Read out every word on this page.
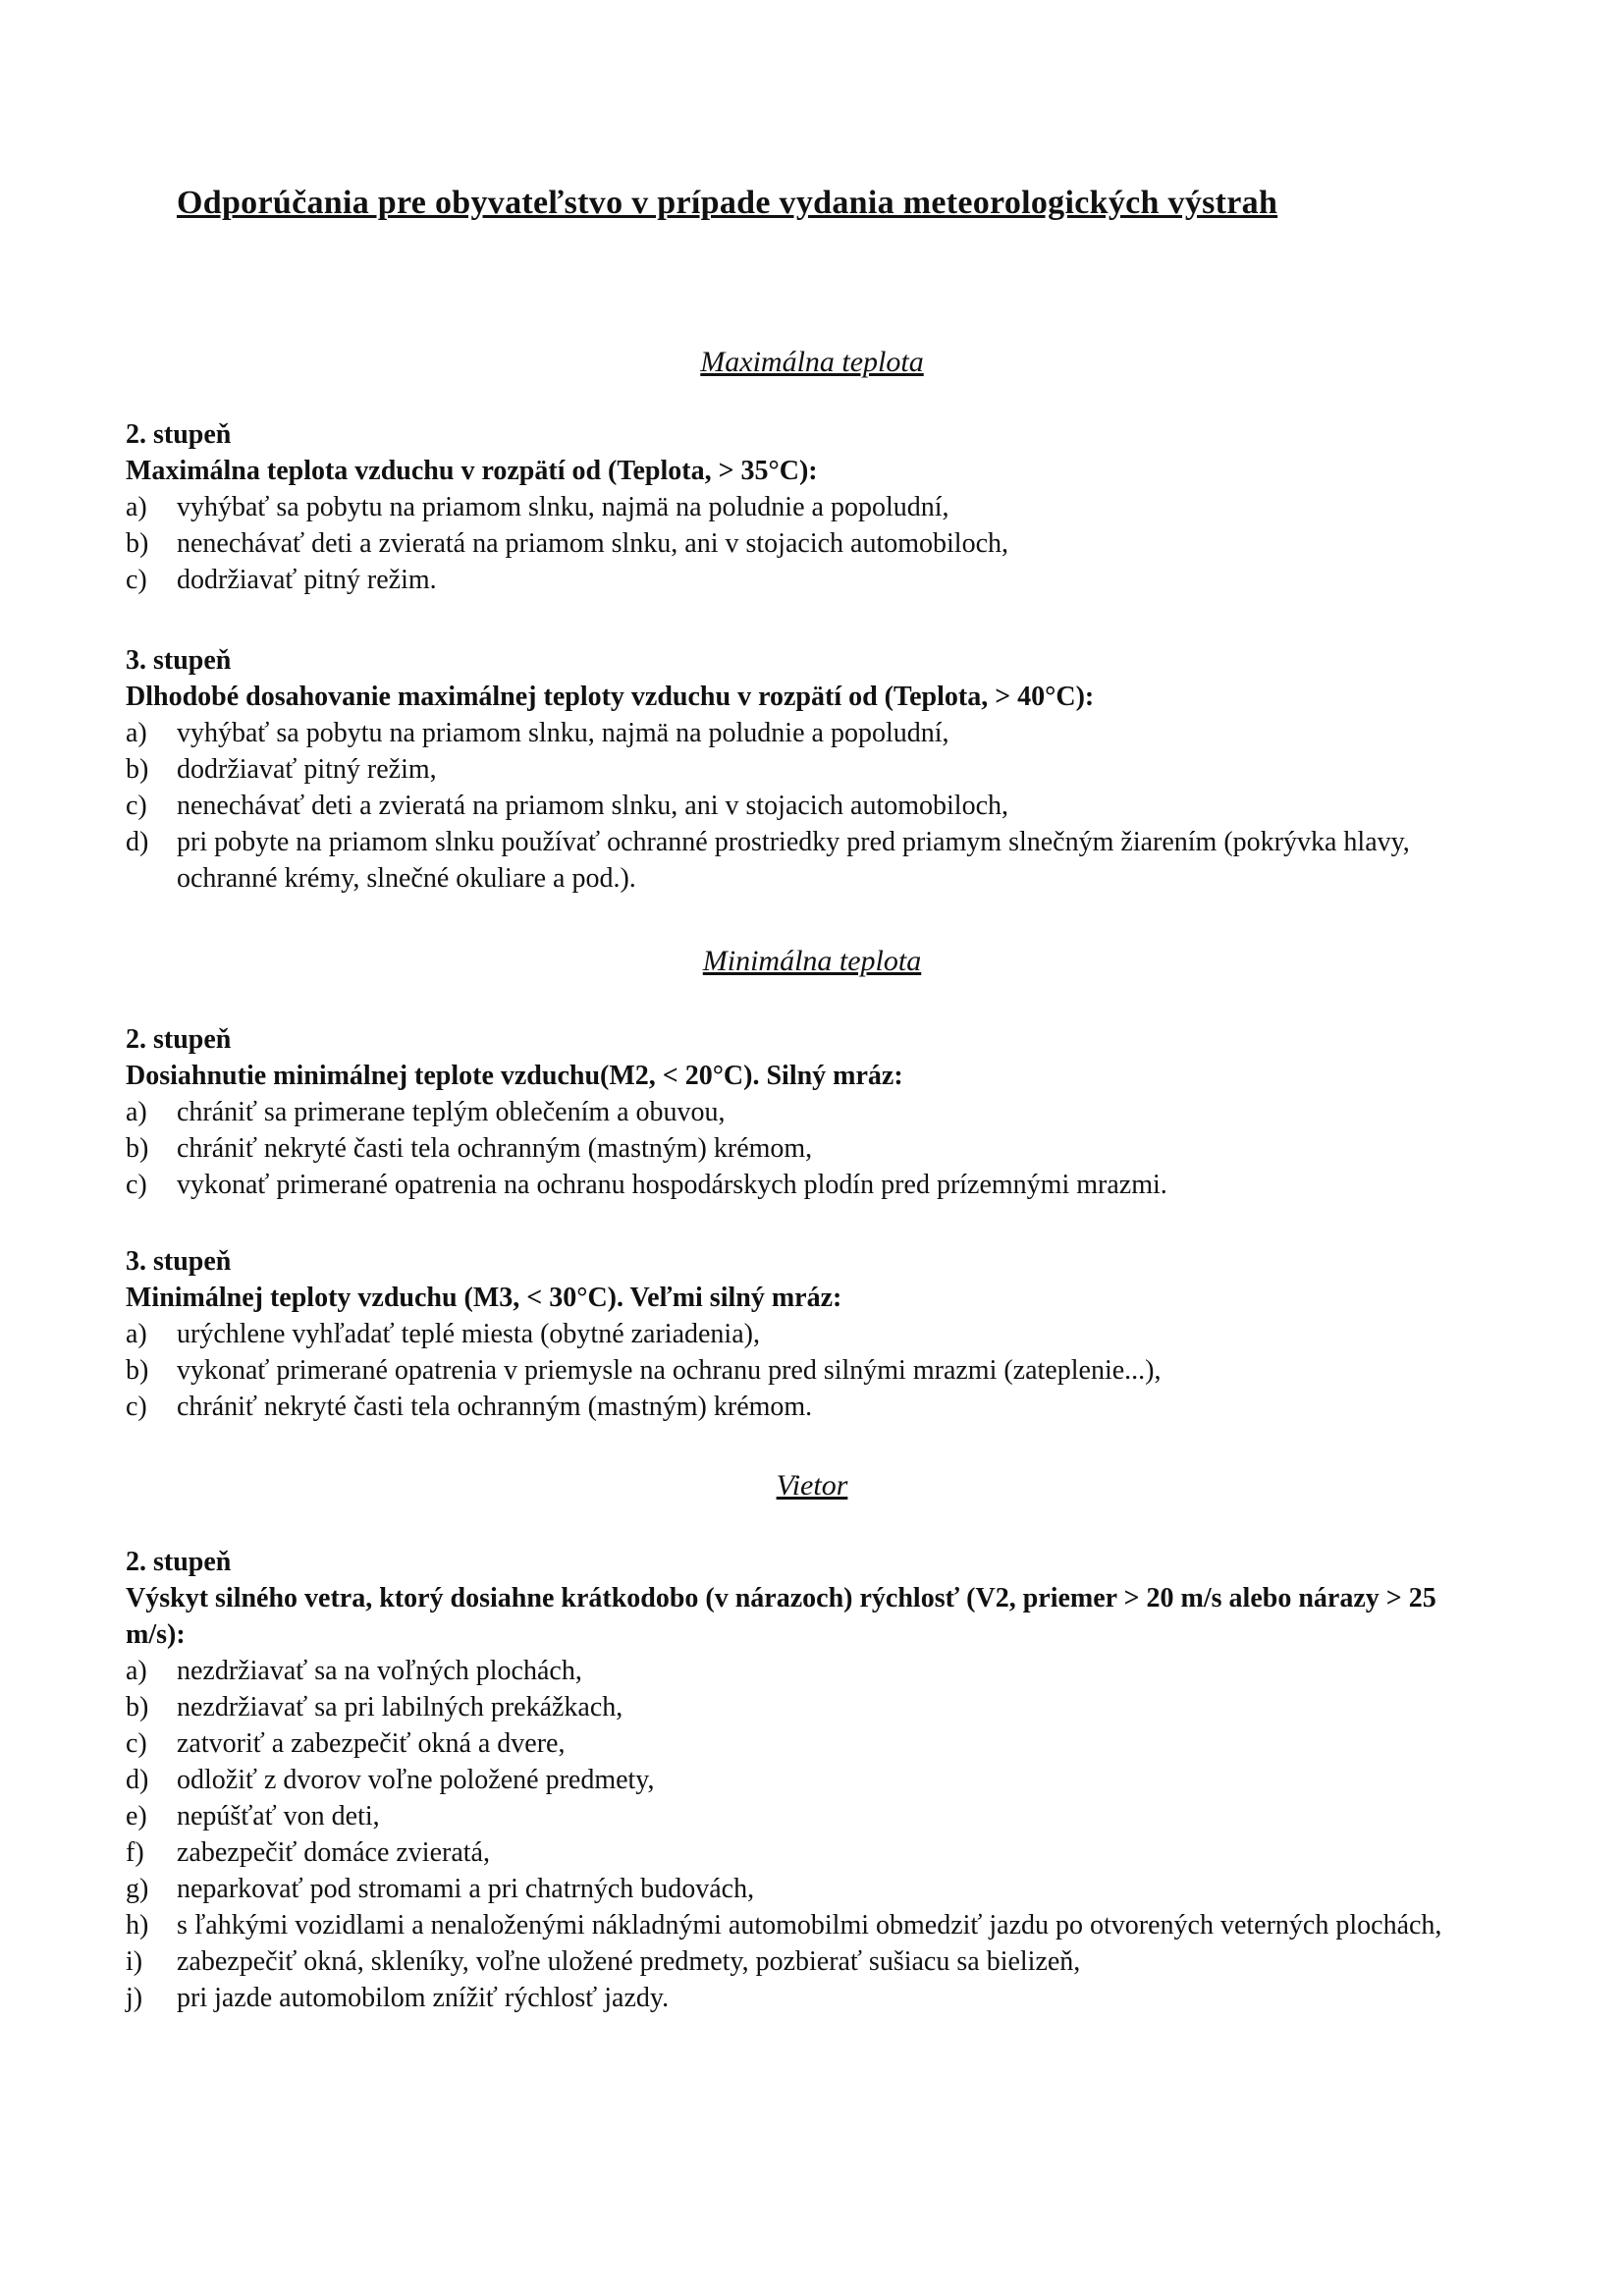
Odporúčania pre obyvateľstvo v prípade vydania meteorologických výstrah
Maximálna teplota
2. stupeň
Maximálna teplota vzduchu v rozpätí od (Teplota, > 35°C):
a)	vyhýbať sa pobytu na priamom slnku, najmä na poludnie a popoludní,
b)	nenechávať deti a zvieratá na priamom slnku, ani v stojacich automobiloch,
c)	dodržiavať pitný režim.
3. stupeň
Dlhodobé dosahovanie maximálnej teploty vzduchu v rozpätí od (Teplota, > 40°C):
a)	vyhýbať sa pobytu na priamom slnku, najmä na poludnie a popoludní,
b)	dodržiavať pitný režim,
c)	nenechávať deti a zvieratá na priamom slnku, ani v stojacich automobiloch,
d)	pri pobyte na priamom slnku používať ochranné prostriedky pred priamym slnečným žiarením (pokrývka hlavy, ochranné krémy, slnečné okuliare a pod.).
Minimálna teplota
2. stupeň
Dosiahnutie minimálnej teplote vzduchu(M2, < 20°C). Silný mráz:
a)	chrániť sa primerane teplým oblečením a obuvou,
b)	chrániť nekryté časti tela ochranným (mastným) krémom,
c)	vykonať primerané opatrenia na ochranu hospodárskych plodín pred prízemnými mrazmi.
3. stupeň
Minimálnej teploty vzduchu (M3, < 30°C). Veľmi silný mráz:
a)	urýchlene vyhľadať teplé miesta (obytné zariadenia),
b)	vykonať primerané opatrenia v priemysle na ochranu pred silnými mrazmi (zateplenie...),
c)	chrániť nekryté časti tela ochranným (mastným) krémom.
Vietor
2. stupeň
Výskyt silného vetra, ktorý dosiahne krátkodobo (v nárazoch) rýchlosť (V2, priemer > 20 m/s alebo nárazy > 25 m/s):
a)	nezdržiavať sa na voľných plochách,
b)	nezdržiavať sa pri labilných prekážkach,
c)	zatvoriť a zabezpečiť okná a dvere,
d)	odložiť z dvorov voľne položené predmety,
e)	nepúšťať von deti,
f)	zabezpečiť domáce zvieratá,
g)	neparkovať pod stromami a pri chatrných budovách,
h)	s ľahkými vozidlami a nenaloženými nákladnými automobilmi obmedziť jazdu po otvorených veterných plochách,
i)	zabezpečiť okná, skleníky, voľne uložené predmety, pozbierať sušiacu sa bielizeň,
j)	pri jazde automobilom znížiť rýchlosť jazdy.
